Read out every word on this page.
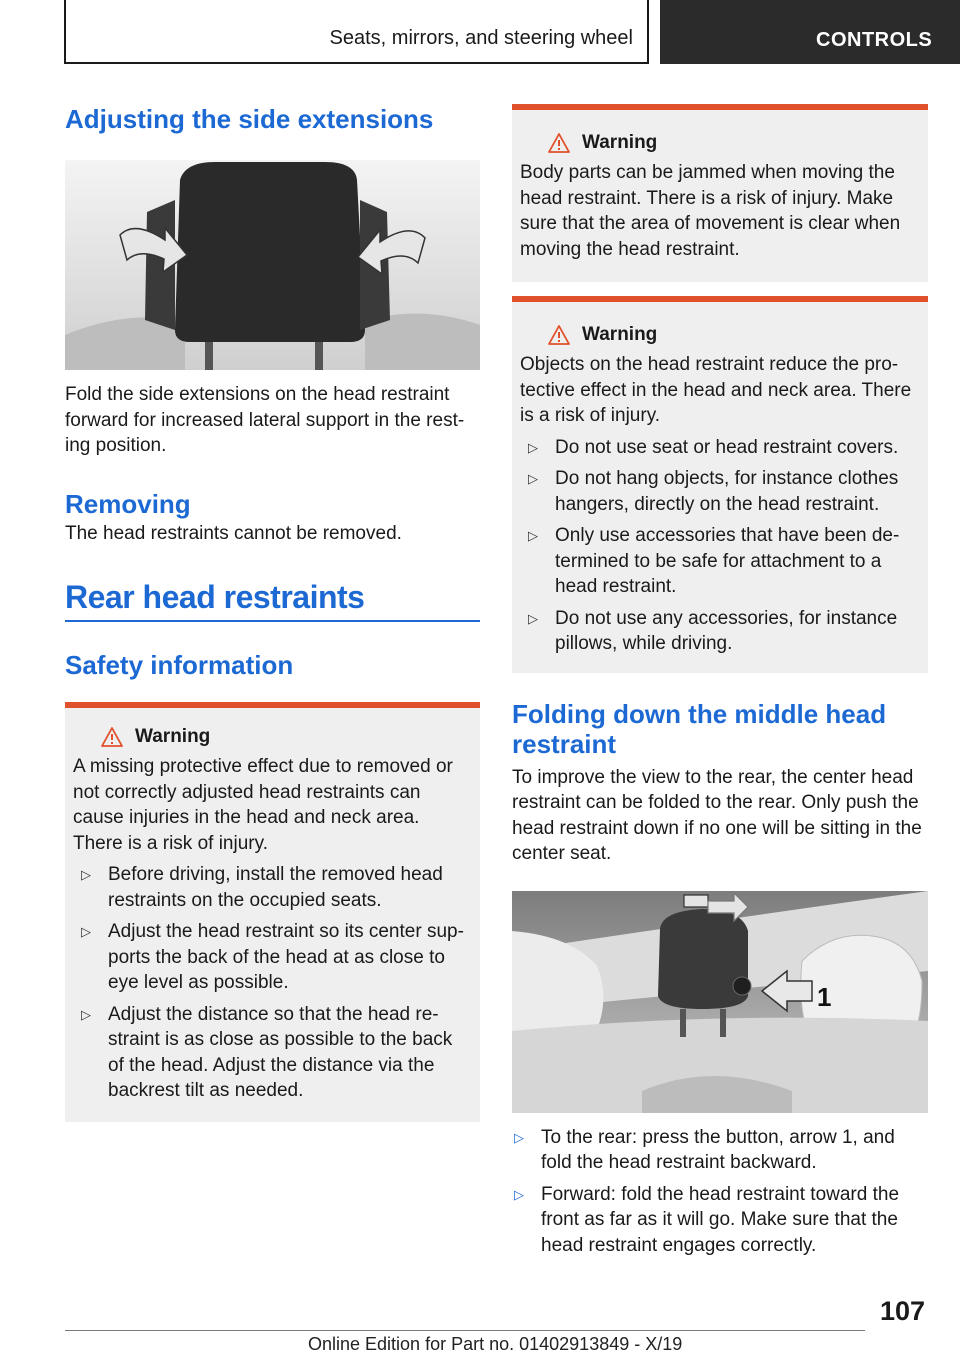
Seats, mirrors, and steering wheel	CONTROLS
Adjusting the side extensions

Fold the side extensions on the head restraint forward for increased lateral support in the resting position.

Removing

The head restraints cannot be removed.

Rear head restraints
Safety information
Warning

A missing protective effect due to removed or not correctly adjusted head restraints can cause injuries in the head and neck area. There is a risk of injury.

▷ Before driving, install the removed head restraints on the occupied seats.
▷ Adjust the head restraint so its center supports the back of the head at as close to eye level as possible.
▷ Adjust the distance so that the head restraint is as close as possible to the back of the head. Adjust the distance via the backrest tilt as needed.
Warning

Body parts can be jammed when moving the head restraint. There is a risk of injury. Make sure that the area of movement is clear when moving the head restraint.

Warning

Objects on the head restraint reduce the protective effect in the head and neck area. There is a risk of injury.

▷ Do not use seat or head restraint covers.
▷ Do not hang objects, for instance clothes hangers, directly on the head restraint.
▷ Only use accessories that have been determined to be safe for attachment to a head restraint.
▷ Do not use any accessories, for instance pillows, while driving.
Folding down the middle head restraint

To improve the view to the rear, the center head restraint can be folded to the rear. Only push the head restraint down if no one will be sitting in the center seat.

1
▷ To the rear: press the button, arrow 1, and fold the head restraint backward.
▷ Forward: fold the head restraint toward the front as far as it will go. Make sure that the head restraint engages correctly.
107
Online Edition for Part no. 01402913849 - X/19
